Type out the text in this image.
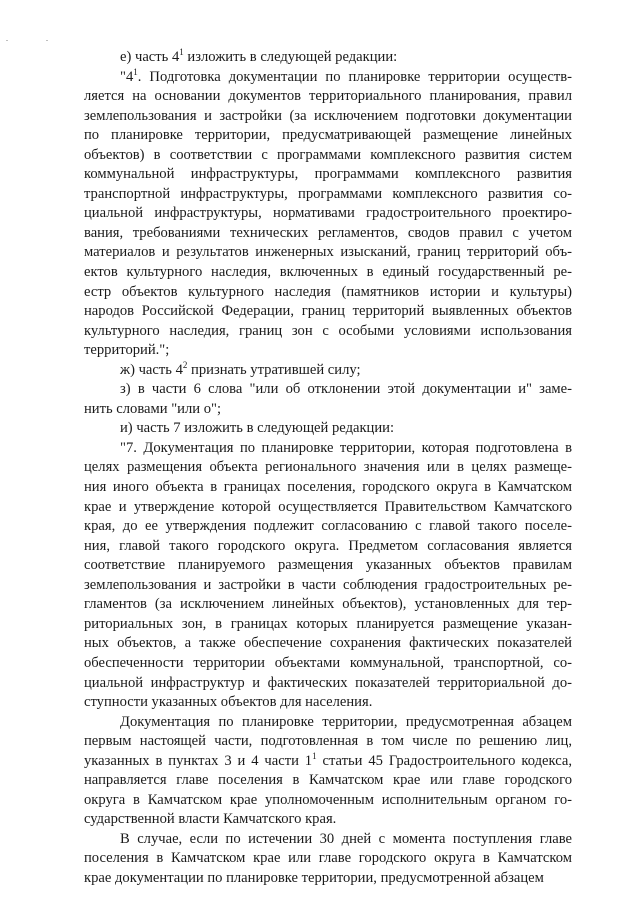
е) часть $4^1$ изложить в следующей редакции:
"$4^1$. Подготовка документации по планировке территории осуществ-
ляется на основании документов территориального планирования, правил
землепользования и застройки (за исключением подготовки документации
по планировке территории, предусматривающей размещение линейных
объектов) в соответствии с программами комплексного развития систем
коммунальной инфраструктуры, программами комплексного развития
транспортной инфраструктуры, программами комплексного развития со-
циальной инфраструктуры, нормативами градостроительного проектиро-
вания, требованиями технических регламентов, сводов правил с учетом
материалов и результатов инженерных изысканий, границ территорий объ-
ектов культурного наследия, включенных в единый государственный ре-
естр объектов культурного наследия (памятников истории и культуры)
народов Российской Федерации, границ территорий выявленных объектов
культурного наследия, границ зон с особыми условиями использования
территорий.";
ж) часть $4^2$ признать утратившей силу;
з) в части 6 слова "или об отклонении этой документации и" заме-
нить словами "или о";
и) часть 7 изложить в следующей редакции:
"7. Документация по планировке территории, которая подготовлена в
целях размещения объекта регионального значения или в целях размеще-
ния иного объекта в границах поселения, городского округа в Камчатском
крае и утверждение которой осуществляется Правительством Камчатского
края, до ее утверждения подлежит согласованию с главой такого поселе-
ния, главой такого городского округа. Предметом согласования является
соответствие планируемого размещения указанных объектов правилам
землепользования и застройки в части соблюдения градостроительных ре-
гламентов (за исключением линейных объектов), установленных для тер-
риториальных зон, в границах которых планируется размещение указан-
ных объектов, а также обеспечение сохранения фактических показателей
обеспеченности территории объектами коммунальной, транспортной, со-
циальной инфраструктур и фактических показателей территориальной до-
ступности указанных объектов для населения.
Документация по планировке территории, предусмотренная абзацем
первым настоящей части, подготовленная в том числе по решению лиц,
указанных в пунктах 3 и 4 части $1^1$ статьи 45 Градостроительного кодекса,
направляется главе поселения в Камчатском крае или главе городского
округа в Камчатском крае уполномоченным исполнительным органом го-
сударственной власти Камчатского края.
В случае, если по истечении 30 дней с момента поступления главе
поселения в Камчатском крае или главе городского округа в Камчатском
крае документации по планировке территории, предусмотренной абзацем
